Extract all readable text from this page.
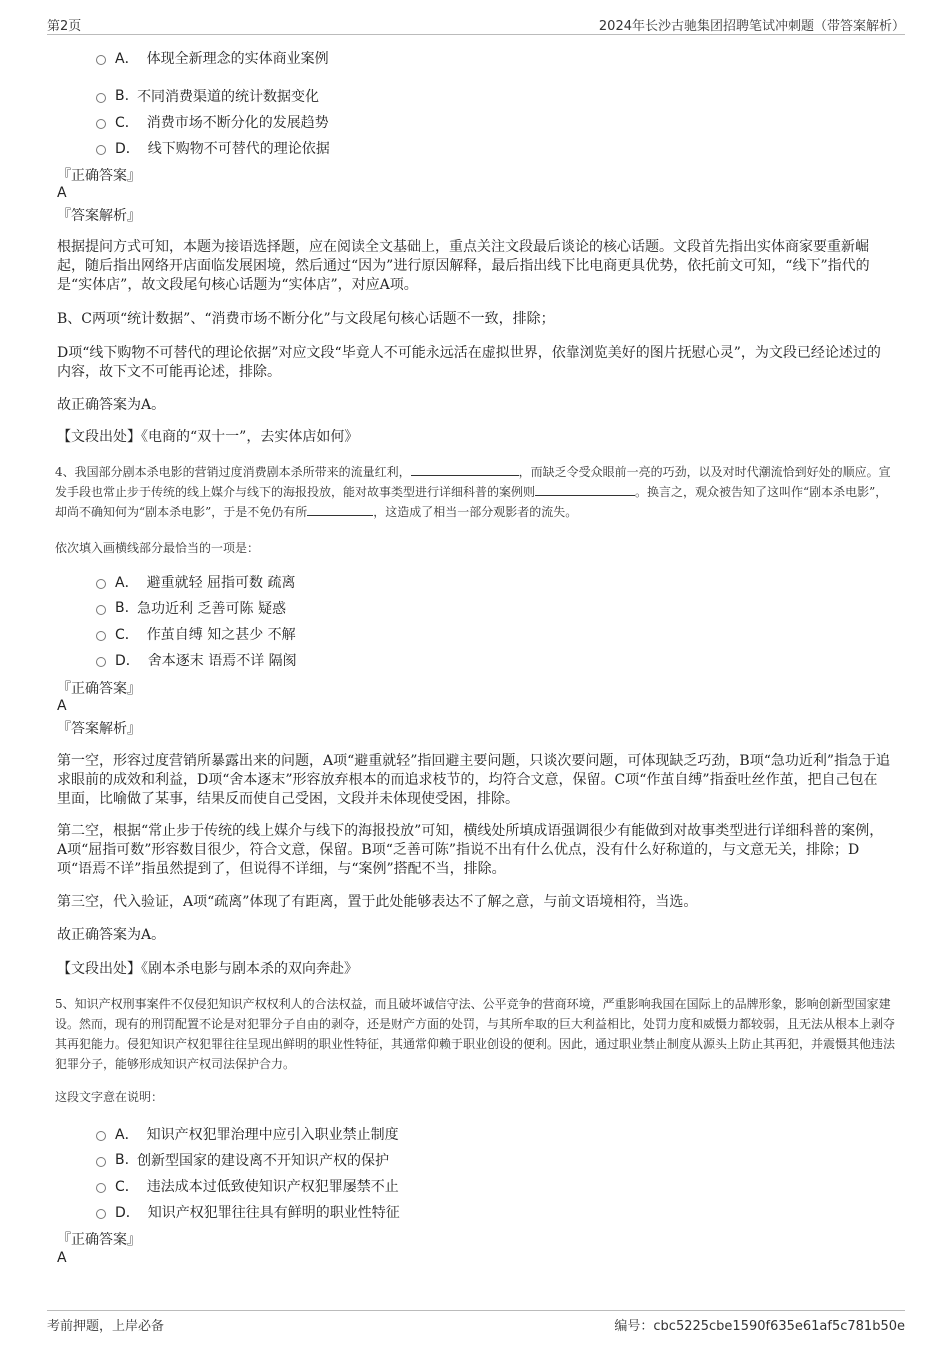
第2页	2024年长沙古驰集团招聘笔试冲刺题（带答案解析）
A． 体现全新理念的实体商业案例
B. 不同消费渠道的统计数据变化
C． 消费市场不断分化的发展趋势
D． 线下购物不可替代的理论依据
『正确答案』
A
『答案解析』
根据提问方式可知，本题为接语选择题，应在阅读全文基础上，重点关注文段最后谈论的核心话题。文段首先指出实体商家要重新崛起，随后指出网络开店面临发展困境，然后通过“因为”进行原因解释，最后指出线下比电商更具优势，依托前文可知，“线下”指代的是“实体店”，故文段尾句核心话题为“实体店”，对应A项。
B、C两项“统计数据”、“消费市场不断分化”与文段尾句核心话题不一致，排除；
D项“线下购物不可替代的理论依据”对应文段“毕竟人不可能永远活在虚拟世界，依靠浏览美好的图片抚慰心灵”，为文段已经论述过的内容，故下文不可能再论述，排除。
故正确答案为A。
【文段出处】《电商的“双十一”，去实体店如何》
4、我国部分剧本杀电影的营销过度消费剧本杀所带来的流量红利，	，而缺乏令受众眼前一亮的巧劲，以及对时代潮流恰到好处的顺应。宣发手段也常止步于传统的线上媒介与线下的海报投放，能对故事类型进行详细科普的案例则	。换言之，观众被告知了这叫作“剧本杀电影”，却尚不确知何为“剧本杀电影”，于是不免仍有所	，这造成了相当一部分观影者的流失。
依次填入画横线部分最恰当的一项是：
A． 避重就轻 屈指可数 疏离
B. 急功近利 乏善可陈 疑惑
C． 作茧自缚 知之甚少 不解
D． 舍本逐末 语焉不详 隔阂
『正确答案』
A
『答案解析』
第一空，形容过度营销所暴露出来的问题，A项“避重就轻”指回避主要问题，只谈次要问题，可体现缺乏巧劲，B项“急功近利”指急于追求眼前的成效和利益，D项“舍本逐末”形容放弃根本的而追求枝节的，均符合文意，保留。C项“作茧自缚”指蚕吐丝作茧，把自己包在里面，比喻做了某事，结果反而使自己受困，文段并未体现使受困，排除。
第二空，根据“常止步于传统的线上媒介与线下的海报投放”可知，横线处所填成语强调很少有能做到对故事类型进行详细科普的案例，A项“屈指可数”形容数目很少，符合文意，保留。B项“乏善可陈”指说不出有什么优点，没有什么好称道的，与文意无关，排除；D项“语焉不详”指虽然提到了，但说得不详细，与“案例”搭配不当，排除。
第三空，代入验证，A项“疏离”体现了有距离，置于此处能够表达不了解之意，与前文语境相符，当选。
故正确答案为A。
【文段出处】《剧本杀电影与剧本杀的双向奔赴》
5、知识产权刑事案件不仅侵犯知识产权权利人的合法权益，而且破坏诚信守法、公平竞争的营商环境，严重影响我国在国际上的品牌形象，影响创新型国家建设。然而，现有的刑罚配置不论是对犯罪分子自由的剥夺，还是财产方面的处罚，与其所牟取的巨大利益相比，处罚力度和威慑力都较弱，且无法从根本上剥夺其再犯能力。侵犯知识产权犯罪往往呈现出鲜明的职业性特征，其通常仰赖于职业创设的便利。因此，通过职业禁止制度从源头上防止其再犯，并震慑其他违法犯罪分子，能够形成知识产权司法保护合力。
这段文字意在说明：
A． 知识产权犯罪治理中应引入职业禁止制度
B. 创新型国家的建设离不开知识产权的保护
C． 违法成本过低致使知识产权犯罪屡禁不止
D． 知识产权犯罪往往具有鲜明的职业性特征
『正确答案』
A
考前押题，上岸必备	编号：cbc5225cbe1590f635e61af5c781b50e
